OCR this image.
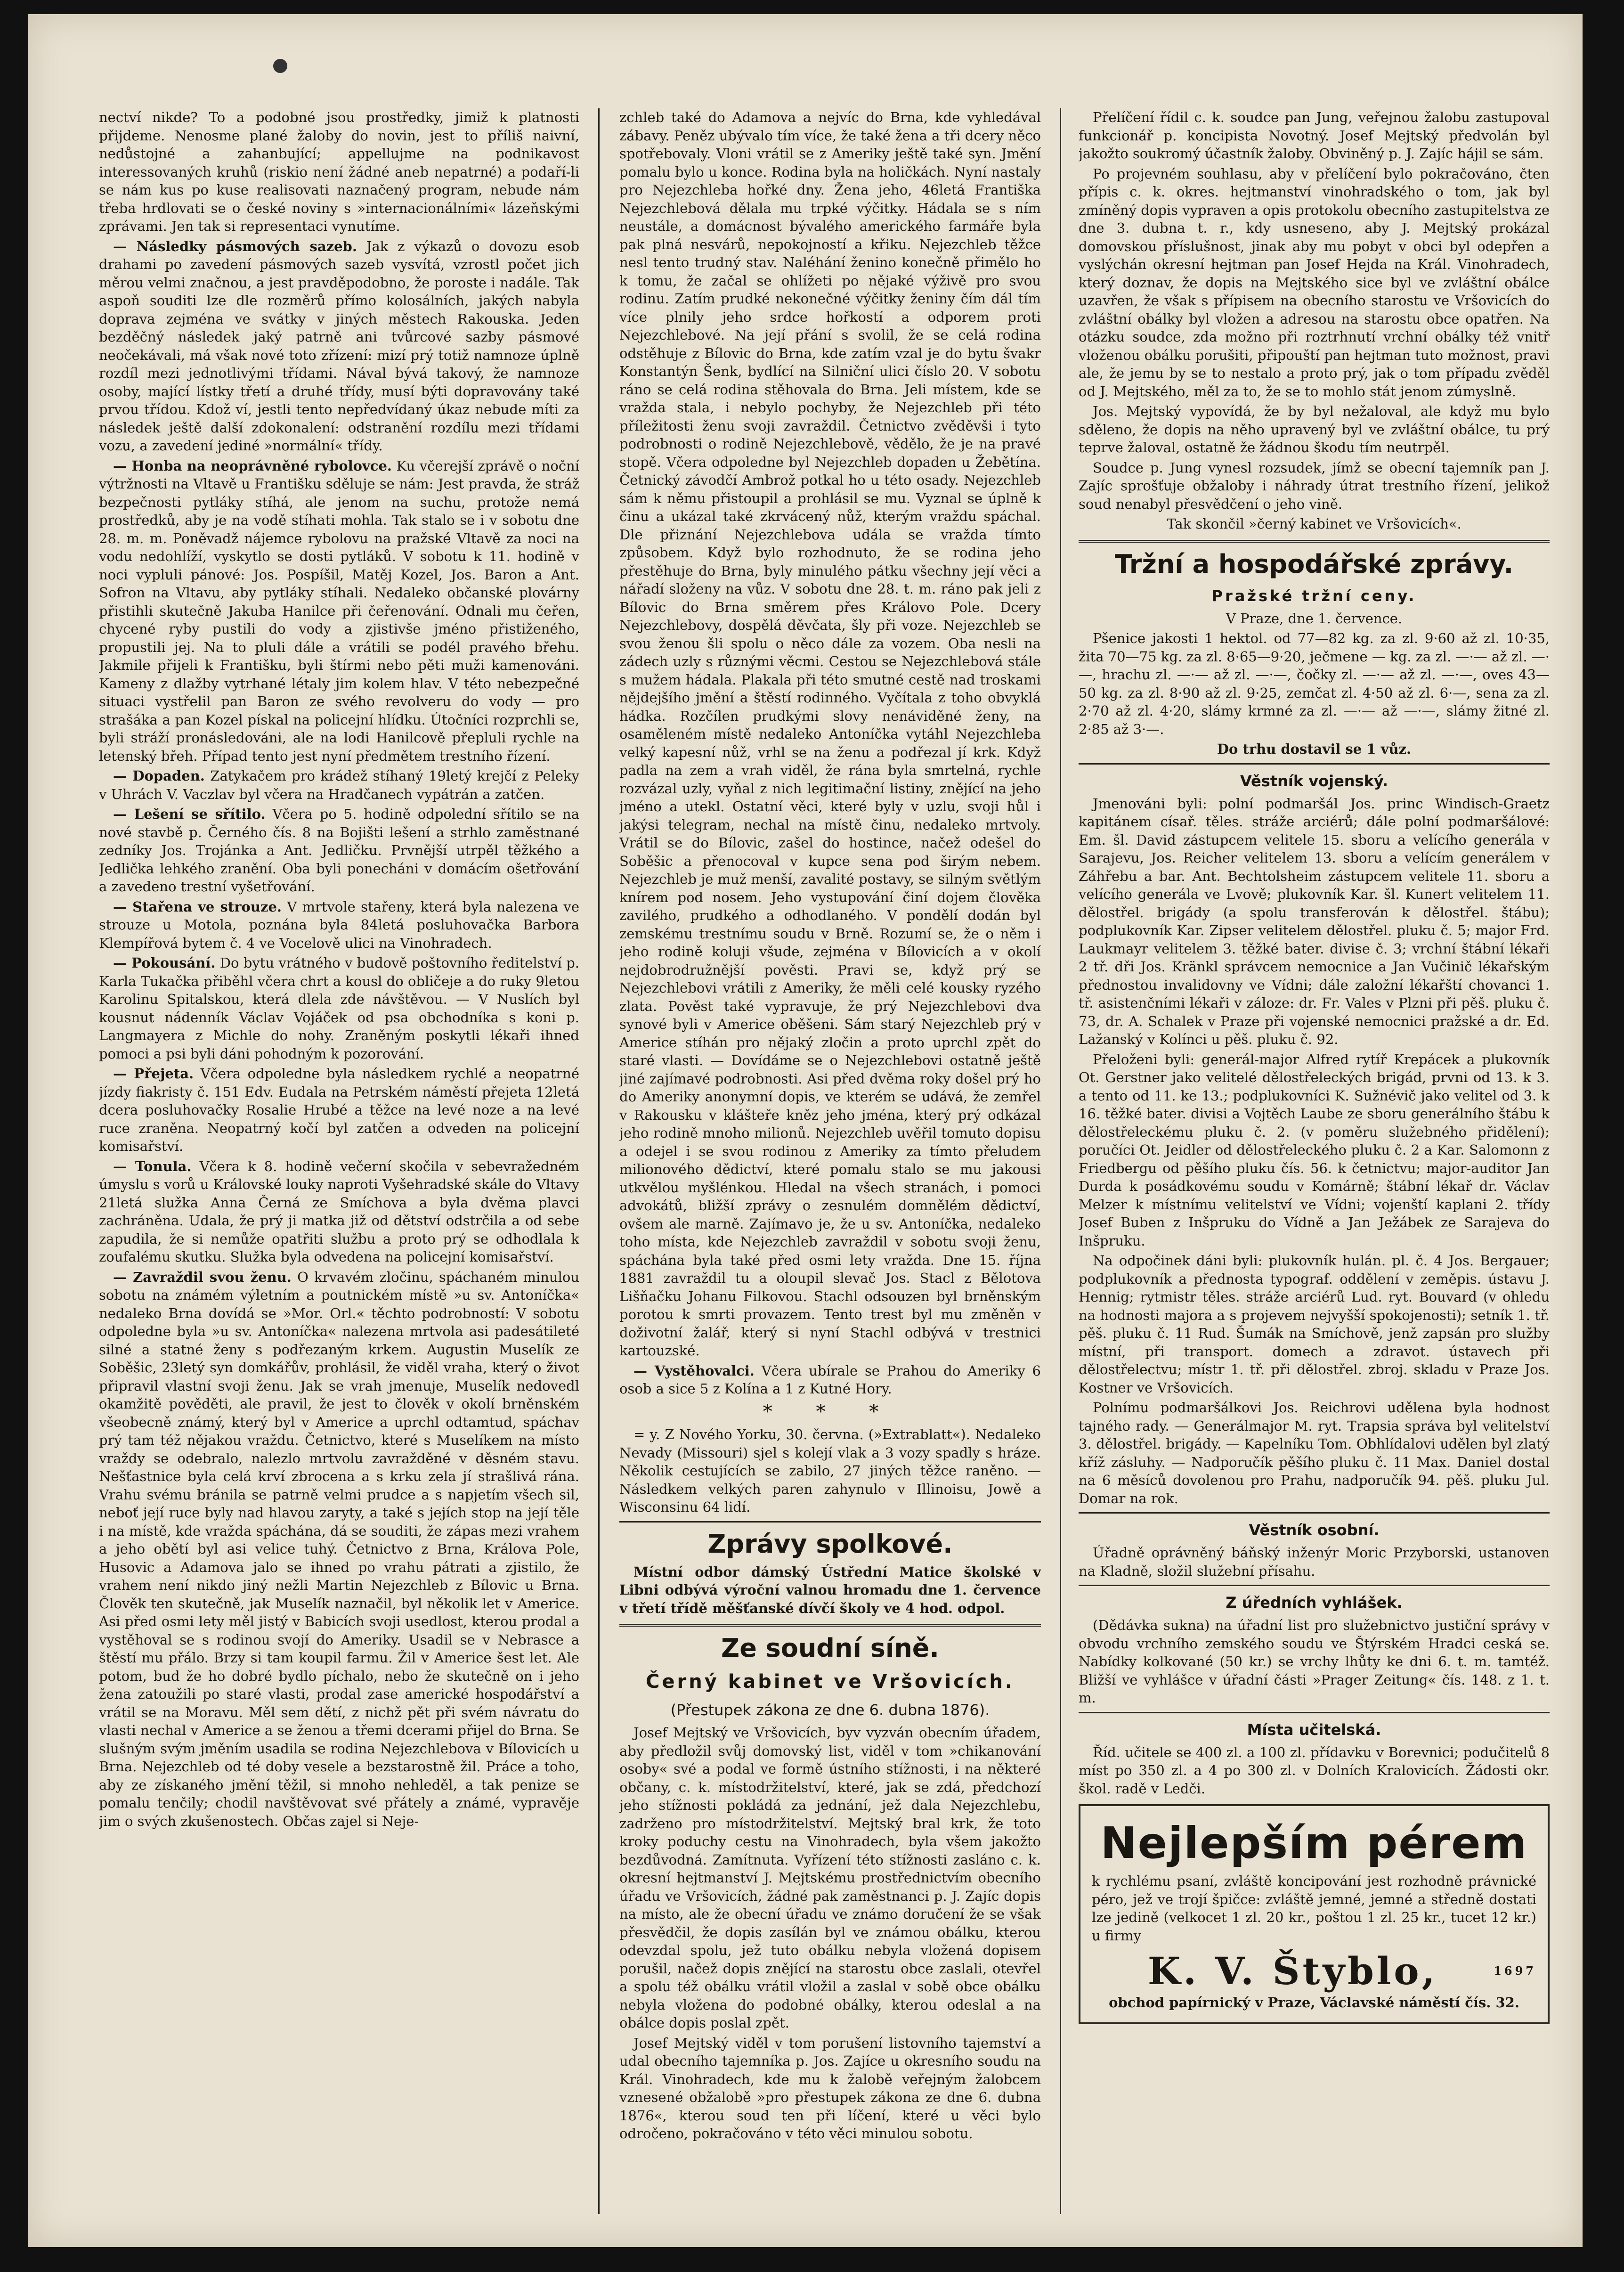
nectví nikde? To a podobné jsou prostředky, jimiž k platnosti přijdeme. Nenosme plané žaloby do novin, jest to příliš naivní, nedůstojné a zahanbující; appellujme na podnikavost interessovaných kruhů (riskio není žádné aneb nepatrné) a podaří-li se nám kus po kuse realisovati naznačený program, nebude nám třeba hrdlovati se o české noviny s »internacionálními« lázeňskými zprávami. Jen tak si representaci vynutíme.

— Následky pásmových sazeb. Jak z výkazů o dovozu esob drahami po zavedení pásmových sazeb vysvítá, vzrostl počet jich měrou velmi značnou, a jest pravděpodobno, že poroste i nadále. Tak aspoň souditi lze dle rozměrů přímo kolosálních, jakých nabyla doprava zejména ve svátky v jiných městech Rakouska. Jeden bezděčný následek jaký patrně ani tvůrcové sazby pásmové neočekávali, má však nové toto zřízení: mizí prý totiž namnoze úplně rozdíl mezi jednotlivými třídami. Nával bývá takový, že namnoze osoby, mající lístky třetí a druhé třídy, musí býti dopravovány také prvou třídou. Kdož ví, jestli tento nepředvídaný úkaz nebude míti za následek ještě další zdokonalení: odstranění rozdílu mezi třídami vozu, a zavedení jediné »normální« třídy.

— Honba na neoprávněné rybolovce. Ku včerejší zprávě o noční výtržnosti na Vltavě u Františku sděluje se nám: Jest pravda, že stráž bezpečnosti pytláky stíhá, ale jenom na suchu, protože nemá prostředků, aby je na vodě stíhati mohla. Tak stalo se i v sobotu dne 28. m. m. Poněvadž nájemce rybolovu na pražské Vltavě za noci na vodu nedohlíží, vyskytlo se dosti pytláků. V sobotu k 11. hodině v noci vypluli pánové: Jos. Pospíšil, Matěj Kozel, Jos. Baron a Ant. Sofron na Vltavu, aby pytláky stíhali. Nedaleko občanské plovárny přistihli skutečně Jakuba Hanilce při čeřenování. Odnali mu čeřen, chycené ryby pustili do vody a zjistivše jméno přistiženého, propustili jej. Na to pluli dále a vrátili se podél pravého břehu. Jakmile přijeli k Františku, byli štírmi nebo pěti muži kamenováni. Kameny z dlažby vytrhané létaly jim kolem hlav. V této nebezpečné situaci vystřelil pan Baron ze svého revolveru do vody — pro strašáka a pan Kozel pískal na policejní hlídku. Útočníci rozprchli se, byli stráží pronásledováni, ale na lodi Hanilcově přepluli rychle na letenský břeh. Případ tento jest nyní předmětem trestního řízení.

— Dopaden. Zatykačem pro krádež stíhaný 19letý krejčí z Peleky v Uhrách V. Vaczlav byl včera na Hradčanech vypátrán a zatčen.

— Lešení se sřítilo. Včera po 5. hodině odpolední sřítilo se na nové stavbě p. Černého čís. 8 na Bojišti lešení a strhlo zaměstnané zedníky Jos. Trojánka a Ant. Jedličku. Prvnější utrpěl těžkého a Jedlička lehkého zranění. Oba byli ponecháni v domácím ošetřování a zavedeno trestní vyšetřování.

— Stařena ve strouze. V mrtvole stařeny, která byla nalezena ve strouze u Motola, poznána byla 84letá posluhovačka Barbora Klempířová bytem č. 4 ve Vocelově ulici na Vinohradech.

— Pokousání. Do bytu vrátného v budově poštovního ředitelství p. Karla Tukačka přiběhl včera chrt a kousl do obličeje a do ruky 9letou Karolinu Spitalskou, která dlela zde návštěvou. — V Nuslích byl kousnut nádenník Václav Vojáček od psa obchodníka s koni p. Langmayera z Michle do nohy. Zraněným poskytli lékaři ihned pomoci a psi byli dáni pohodným k pozorování.

— Přejeta. Včera odpoledne byla následkem rychlé a neopatrné jízdy fiakristy č. 151 Edv. Eudala na Petrském náměstí přejeta 12letá dcera posluhovačky Rosalie Hrubé a těžce na levé noze a na levé ruce zraněna. Neopatrný kočí byl zatčen a odveden na policejní komisařství.

— Tonula. Včera k 8. hodině večerní skočila v sebevražedném úmyslu s vorů u Královské louky naproti Vyšehradské skále do Vltavy 21letá služka Anna Černá ze Smíchova a byla dvěma plavci zachráněna. Udala, že prý ji matka již od dětství odstrčila a od sebe zapudila, že si nemůže opatřiti službu a proto prý se odhodlala k zoufalému skutku. Služka byla odvedena na policejní komisařství.

— Zavraždil svou ženu. O krvavém zločinu, spáchaném minulou sobotu na známém výletním a poutnickém místě »u sv. Antoníčka« nedaleko Brna dovídá se »Mor. Orl.« těchto podrobností: V sobotu odpoledne byla »u sv. Antoníčka« nalezena mrtvola asi padesátileté silné a statné ženy s podřezaným krkem. Augustin Muselík ze Soběšic, 23letý syn domkářův, prohlásil, že viděl vraha, který o život připravil vlastní svoji ženu. Jak se vrah jmenuje, Muselík nedovedl okamžitě pověděti, ale pravil, že jest to člověk v okolí brněnském všeobecně známý, který byl v Americe a uprchl odtamtud, spáchav prý tam též nějakou vraždu. Četnictvo, které s Muselíkem na místo vraždy se odebralo, nalezlo mrtvolu zavražděné v děsném stavu. Nešťastnice byla celá krví zbrocena a s krku zela jí strašlivá rána. Vrahu svému bránila se patrně velmi prudce a s napjetím všech sil, neboť její ruce byly nad hlavou zaryty, a také s jejích stop na její těle i na místě, kde vražda spáchána, dá se souditi, že zápas mezi vrahem a jeho obětí byl asi velice tuhý. Četnictvo z Brna, Králova Pole, Husovic a Adamova jalo se ihned po vrahu pátrati a zjistilo, že vrahem není nikdo jiný nežli Martin Nejezchleb z Bílovic u Brna. Člověk ten skutečně, jak Muselík naznačil, byl několik let v Americe. Asi před osmi lety měl jistý v Babicích svoji usedlost, kterou prodal a vystěhoval se s rodinou svojí do Ameriky. Usadil se v Nebrasce a štěstí mu přálo. Brzy si tam koupil farmu. Žil v Americe šest let. Ale potom, bud že ho dobré bydlo píchalo, nebo že skutečně on i jeho žena zatoužili po staré vlasti, prodal zase americké hospodářství a vrátil se na Moravu. Měl sem dětí, z nichž pět při svém návratu do vlasti nechal v Americe a se ženou a třemi dcerami přijel do Brna. Se slušným svým jměním usadila se rodina Nejezchlebova v Bílovicích u Brna. Nejezchleb od té doby vesele a bezstarostně žil. Práce a toho, aby ze získaného jmění těžil, si mnoho nehleděl, a tak penize se pomalu tenčily; chodil navštěvovat své přátely a známé, vypravěje jim o svých zkušenostech. Občas zajel si Neje-

zchleb také do Adamova a nejvíc do Brna, kde vyhledával zábavy. Peněz ubývalo tím více, že také žena a tři dcery něco spotřebovaly. Vloni vrátil se z Ameriky ještě také syn. Jmění pomalu bylo u konce. Rodina byla na holičkách. Nyní nastaly pro Nejezchleba hořké dny. Žena jeho, 46letá Františka Nejezchlebová dělala mu trpké výčitky. Hádala se s ním neustále, a domácnost bývalého amerického farmáře byla pak plná nesvárů, nepokojností a křiku. Nejezchleb těžce nesl tento trudný stav. Naléhání ženino konečně přimělo ho k tomu, že začal se ohlížeti po nějaké výživě pro svou rodinu. Zatím prudké nekonečné výčitky ženiny čím dál tím více plnily jeho srdce hořkostí a odporem proti Nejezchlebové. Na její přání s svolil, že se celá rodina odstěhuje z Bílovic do Brna, kde zatím vzal je do bytu švakr Konstantýn Šenk, bydlící na Silniční ulici číslo 20. V sobotu ráno se celá rodina stěhovala do Brna. Jeli místem, kde se vražda stala, i nebylo pochyby, že Nejezchleb při této příležitosti ženu svoji zavraždil. Četnictvo zvěděvši i tyto podrobnosti o rodině Nejezchlebově, vědělo, že je na pravé stopě. Včera odpoledne byl Nejezchleb dopaden u Žebětína. Četnický závodčí Ambrož potkal ho u této osady. Nejezchleb sám k němu přistoupil a prohlásil se mu. Vyznal se úplně k činu a ukázal také zkrvácený nůž, kterým vraždu spáchal. Dle přiznání Nejezchlebova udála se vražda tímto způsobem. Když bylo rozhodnuto, že se rodina jeho přestěhuje do Brna, byly minulého pátku všechny její věci a nářadí složeny na vůz. V sobotu dne 28. t. m. ráno pak jeli z Bílovic do Brna směrem přes Královo Pole. Dcery Nejezchlebovy, dospělá děvčata, šly při voze. Nejezchleb se svou ženou šli spolu o něco dále za vozem. Oba nesli na zádech uzly s různými věcmi. Cestou se Nejezchlebová stále s mužem hádala. Plakala při této smutné cestě nad troskami nějdejšího jmění a štěstí rodinného. Vyčítala z toho obvyklá hádka. Rozčílen prudkými slovy nenáviděné ženy, na osaměleném místě nedaleko Antoníčka vytáhl Nejezchleba velký kapesní nůž, vrhl se na ženu a podřezal jí krk. Když padla na zem a vrah viděl, že rána byla smrtelná, rychle rozvázal uzly, vyňal z nich legitimační listiny, znějící na jeho jméno a utekl. Ostatní věci, které byly v uzlu, svoji hůl i jakýsi telegram, nechal na místě činu, nedaleko mrtvoly. Vrátil se do Bílovic, zašel do hostince, načež odešel do Soběšic a přenocoval v kupce sena pod širým nebem. Nejezchleb je muž menší, zavalité postavy, se silným světlým knírem pod nosem. Jeho vystupování činí dojem člověka zavilého, prudkého a odhodlaného. V pondělí dodán byl zemskému trestnímu soudu v Brně. Rozumí se, že o něm i jeho rodině koluji všude, zejména v Bílovicích a v okolí nejdobrodružnější pověsti. Pravi se, když prý se Nejezchlebovi vrátili z Ameriky, že měli celé kousky ryzého zlata. Pověst také vypravuje, že prý Nejezchlebovi dva synové byli v Americe oběšeni. Sám starý Nejezchleb prý v Americe stíhán pro nějaký zločin a proto uprchl zpět do staré vlasti. — Dovídáme se o Nejezchlebovi ostatně ještě jiné zajímavé podrobnosti. Asi před dvěma roky došel prý ho do Ameriky anonymní dopis, ve kterém se udává, že zemřel v Rakousku v klášteře kněz jeho jména, který prý odkázal jeho rodině mnoho milionů. Nejezchleb uvěřil tomuto dopisu a odejel i se svou rodinou z Ameriky za tímto přeludem milionového dědictví, které pomalu stalo se mu jakousi utkvělou myšlénkou. Hledal na všech stranách, i pomoci advokátů, bližší zprávy o zesnulém domnělém dědictví, ovšem ale marně. Zajímavo je, že u sv. Antoníčka, nedaleko toho místa, kde Nejezchleb zavraždil v sobotu svoji ženu, spáchána byla také před osmi lety vražda. Dne 15. října 1881 zavraždil tu a oloupil slevač Jos. Stacl z Bělotova Lišňačku Johanu Filkovou. Stachl odsouzen byl brněnským porotou k smrti provazem. Tento trest byl mu změněn v doživotní žalář, který si nyní Stachl odbývá v trestnici kartouzské.

— Vystěhovalci. Včera ubírale se Prahou do Ameriky 6 osob a sice 5 z Kolína a 1 z Kutné Hory.

* * *

= y. Z Nového Yorku, 30. června. (»Extrablatt«). Nedaleko Nevady (Missouri) sjel s kolejí vlak a 3 vozy spadly s hráze. Několik cestujících se zabilo, 27 jiných těžce raněno. — Následkem velkých paren zahynulo v Illinoisu, Jowě a Wisconsinu 64 lidí.

Zprávy spolkové.

Místní odbor dámský Ústřední Matice školské v Libni odbývá výroční valnou hromadu dne 1. července v třetí třídě měšťanské dívčí školy ve 4 hod. odpol.

Ze soudní síně.
Černý kabinet ve Vršovicích.
(Přestupek zákona ze dne 6. dubna 1876).

Josef Mejtský ve Vršovicích, byv vyzván obecním úřadem, aby předložil svůj domovský list, viděl v tom »chikanování osoby« své a podal ve formě ústního stížnosti, i na některé občany, c. k. místodržitelství, které, jak se zdá, předchozí jeho stížnosti pokládá za jednání, jež dala Nejezchlebu, zadrženo pro místodržitelství. Mejtský bral krk, že toto kroky poduchy cestu na Vinohradech, byla všem jakožto bezdůvodná. Zamítnuta. Vyřízení této stížnosti zasláno c. k. okresní hejtmanství J. Mejtskému prostřednictvím obecního úřadu ve Vršovicích, žádné pak zaměstnanci p. J. Zajíc dopis na místo, ale že obecní úřadu ve známo doručení že se však přesvědčil, že dopis zasílán byl ve známou obálku, kterou odevzdal spolu, jež tuto obálku nebyla vložená dopisem porušil, načež dopis znějící na starostu obce zaslali, otevřel a spolu též obálku vrátil vložil a zaslal v sobě obce obálku nebyla vložena do podobné obálky, kterou odeslal a na obálce dopis poslal zpět.

Josef Mejtský viděl v tom porušení listovního tajemství a udal obecního tajemníka p. Jos. Zajíce u okresního soudu na Král. Vinohradech, kde mu k žalobě veřejným žalobcem vznesené obžalobě »pro přestupek zákona ze dne 6. dubna 1876«, kterou soud ten při líčení, které u věci bylo odročeno, pokračováno v této věci minulou sobotu.

Přelíčení řídil c. k. soudce pan Jung, veřejnou žalobu zastupoval funkcionář p. koncipista Novotný. Josef Mejtský předvolán byl jakožto soukromý účastník žaloby. Obviněný p. J. Zajíc hájil se sám.

Po projevném souhlasu, aby v přelíčení bylo pokračováno, čten přípis c. k. okres. hejtmanství vinohradského o tom, jak byl zmíněný dopis vypraven a opis protokolu obecního zastupitelstva ze dne 3. dubna t. r., kdy usneseno, aby J. Mejtský prokázal domovskou příslušnost, jinak aby mu pobyt v obci byl odepřen a vyslýchán okresní hejtman pan Josef Hejda na Král. Vinohradech, který doznav, že dopis na Mejtského sice byl ve zvláštní obálce uzavřen, že však s přípisem na obecního starostu ve Vršovicích do zvláštní obálky byl vložen a adresou na starostu obce opatřen. Na otázku soudce, zda možno při roztrhnutí vrchní obálky též vnitř vloženou obálku porušiti, připouští pan hejtman tuto možnost, pravi ale, že jemu by se to nestalo a proto prý, jak o tom případu zvěděl od J. Mejtského, měl za to, že se to mohlo stát jenom zúmyslně.

Jos. Mejtský vypovídá, že by byl nežaloval, ale když mu bylo sděleno, že dopis na něho upravený byl ve zvláštní obálce, tu prý teprve žaloval, ostatně že žádnou škodu tím neutrpěl.

Soudce p. Jung vynesl rozsudek, jímž se obecní tajemník pan J. Zajíc sprošťuje obžaloby i náhrady útrat trestního řízení, jelikož soud nenabyl přesvědčení o jeho vině.

Tak skončil »černý kabinet ve Vršovicích«.

Tržní a hospodářské zprávy.
Pražské tržní ceny.

V Praze, dne 1. července.

Pšenice jakosti 1 hektol. od 77—82 kg. za zl. 9·60 až zl. 10·35, žita 70—75 kg. za zl. 8·65—9·20, ječmene — kg. za zl. —·— až zl. —·—, hrachu zl. —·— až zl. —·—, čočky zl. —·— až zl. —·—, oves 43—50 kg. za zl. 8·90 až zl. 9·25, zemčat zl. 4·50 až zl. 6·—, sena za zl. 2·70 až zl. 4·20, slámy krmné za zl. —·— až —·—, slámy žitné zl. 2·85 až 3·—.

Do trhu dostavil se 1 vůz.

Věstník vojenský.

Jmenováni byli: polní podmaršál Jos. princ Windisch-Graetz kapitánem císař. těles. stráže arciérů; dále polní podmaršálové: Em. šl. David zástupcem velitele 15. sboru a velícího generála v Sarajevu, Jos. Reicher velitelem 13. sboru a velícím generálem v Záhřebu a bar. Ant. Bechtolsheim zástupcem velitele 11. sboru a velícího generála ve Lvově; plukovník Kar. šl. Kunert velitelem 11. dělostřel. brigády (a spolu transferován k dělostřel. štábu); podplukovník Kar. Zipser velitelem dělostřel. pluku č. 5; major Frd. Laukmayr velitelem 3. těžké bater. divise č. 3; vrchní štábní lékaři 2 tř. dři Jos. Kränkl správcem nemocnice a Jan Vučinič lékařským přednostou invalidovny ve Vídni; dále založní lékařští chovanci 1. tř. asistenčními lékaři v záloze: dr. Fr. Vales v Plzni při pěš. pluku č. 73, dr. A. Schalek v Praze při vojenské nemocnici pražské a dr. Ed. Lažanský v Kolínci u pěš. pluku č. 92.

Přeloženi byli: generál-major Alfred rytíř Krepácek a plukovník Ot. Gerstner jako velitelé dělostřeleckých brigád, prvni od 13. k 3. a tento od 11. ke 13.; podplukovníci K. Sužnévič jako velitel od 3. k 16. těžké bater. divisi a Vojtěch Laube ze sboru generálního štábu k dělostřeleckému pluku č. 2. (v poměru služebného přidělení); poručíci Ot. Jeidler od dělostřeleckého pluku č. 2 a Kar. Salomonn z Friedbergu od pěšího pluku čís. 56. k četnictvu; major-auditor Jan Durda k posádkovému soudu v Komárně; štábní lékař dr. Václav Melzer k místnímu velitelství ve Vídni; vojenští kaplani 2. třídy Josef Buben z Inšpruku do Vídně a Jan Ježábek ze Sarajeva do Inšpruku.

Na odpočinek dáni byli: plukovník hulán. pl. č. 4 Jos. Bergauer; podplukovník a přednosta typograf. oddělení v zeměpis. ústavu J. Hennig; rytmistr těles. stráže arciérů Lud. ryt. Bouvard (v ohledu na hodnosti majora a s projevem nejvyšší spokojenosti); setník 1. tř. pěš. pluku č. 11 Rud. Šumák na Smíchově, jenž zapsán pro služby místní, při transport. domech a zdravot. ústavech při dělostřelectvu; místr 1. tř. při dělostřel. zbroj. skladu v Praze Jos. Kostner ve Vršovicích.

Polnímu podmaršálkovi Jos. Reichrovi udělena byla hodnost tajného rady. — Generálmajor M. ryt. Trapsia správa byl velitelství 3. dělostřel. brigády. — Kapelníku Tom. Obhlídalovi udělen byl zlatý kříž zásluhy. — Nadporučík pěšího pluku č. 11 Max. Daniel dostal na 6 měsíců dovolenou pro Prahu, nadporučík 94. pěš. pluku Jul. Domar na rok.

Věstník osobní.

Úřadně oprávněný báňský inženýr Moric Przyborski, ustanoven na Kladně, složil služební přísahu.

Z úředních vyhlášek.

(Dědávka sukna) na úřadní list pro služebnictvo justiční správy v obvodu vrchního zemského soudu ve Štýrském Hradci ceská se. Nabídky kolkované (50 kr.) se vrchy lhůty ke dni 6. t. m. tamtéž. Bližší ve vyhlášce v úřadní části »Prager Zeitung« čís. 148. z 1. t. m.

Místa učitelská.

Říd. učitele se 400 zl. a 100 zl. přídavku v Borevnici; podučitelů 8 míst po 350 zl. a 4 po 300 zl. v Dolních Kralovicích. Žádosti okr. škol. radě v Ledči.

Nejlepším pérem

k rychlému psaní, zvláště koncipování jest rozhodně právnické péro, jež ve trojí špičce: zvláště jemné, jemné a středně dostati lze jedině (velkocet 1 zl. 20 kr., poštou 1 zl. 25 kr., tucet 12 kr.) u firmy

K. V. Štyblo,	1697

obchod papírnický v Praze, Václavské náměstí čís. 32.
